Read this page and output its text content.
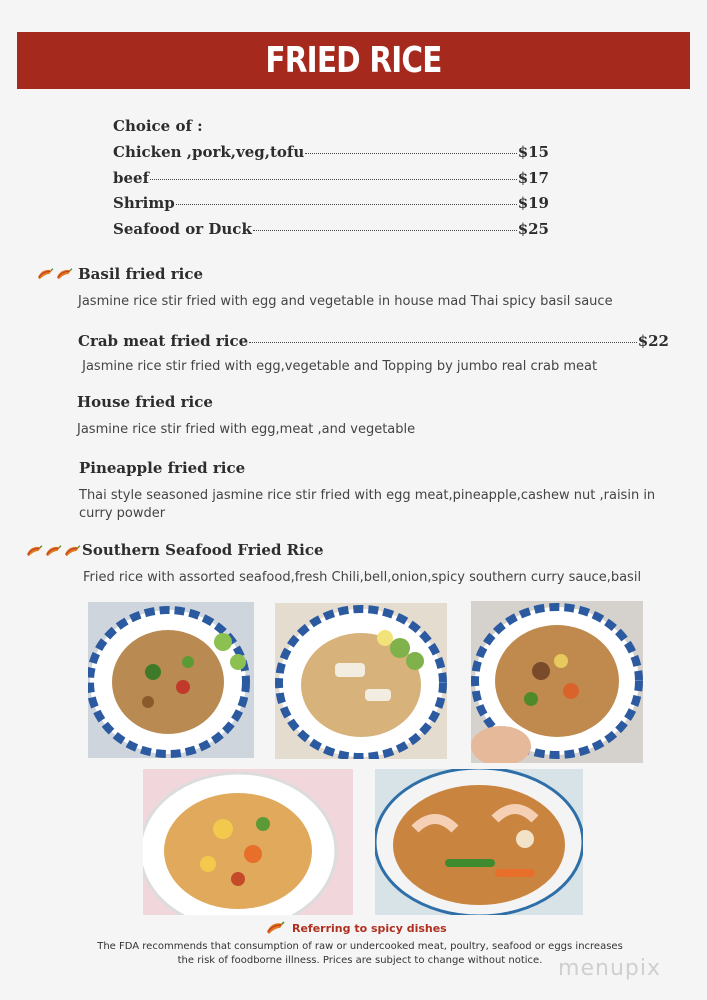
FRIED RICE
Choice of :
Chicken ,pork,veg,tofu	$15
beef	$17
Shrimp	$19
Seafood or Duck	$25
Basil fried rice
Jasmine rice stir fried with egg and vegetable in house mad Thai spicy basil sauce
Crab meat fried rice	$22
Jasmine rice stir fried with egg,vegetable and Topping by jumbo real crab meat
House fried rice
Jasmine rice stir fried with egg,meat ,and vegetable
Pineapple fried rice
Thai style seasoned jasmine rice stir fried with egg meat,pineapple,cashew nut ,raisin in curry powder
Southern Seafood Fried Rice
Fried rice with assorted seafood,fresh Chili,bell,onion,spicy southern curry sauce,basil
Referring to spicy dishes
The FDA recommends that consumption of raw or undercooked meat, poultry, seafood or eggs increases
the risk of foodborne illness. Prices are subject to change without notice. menupix
